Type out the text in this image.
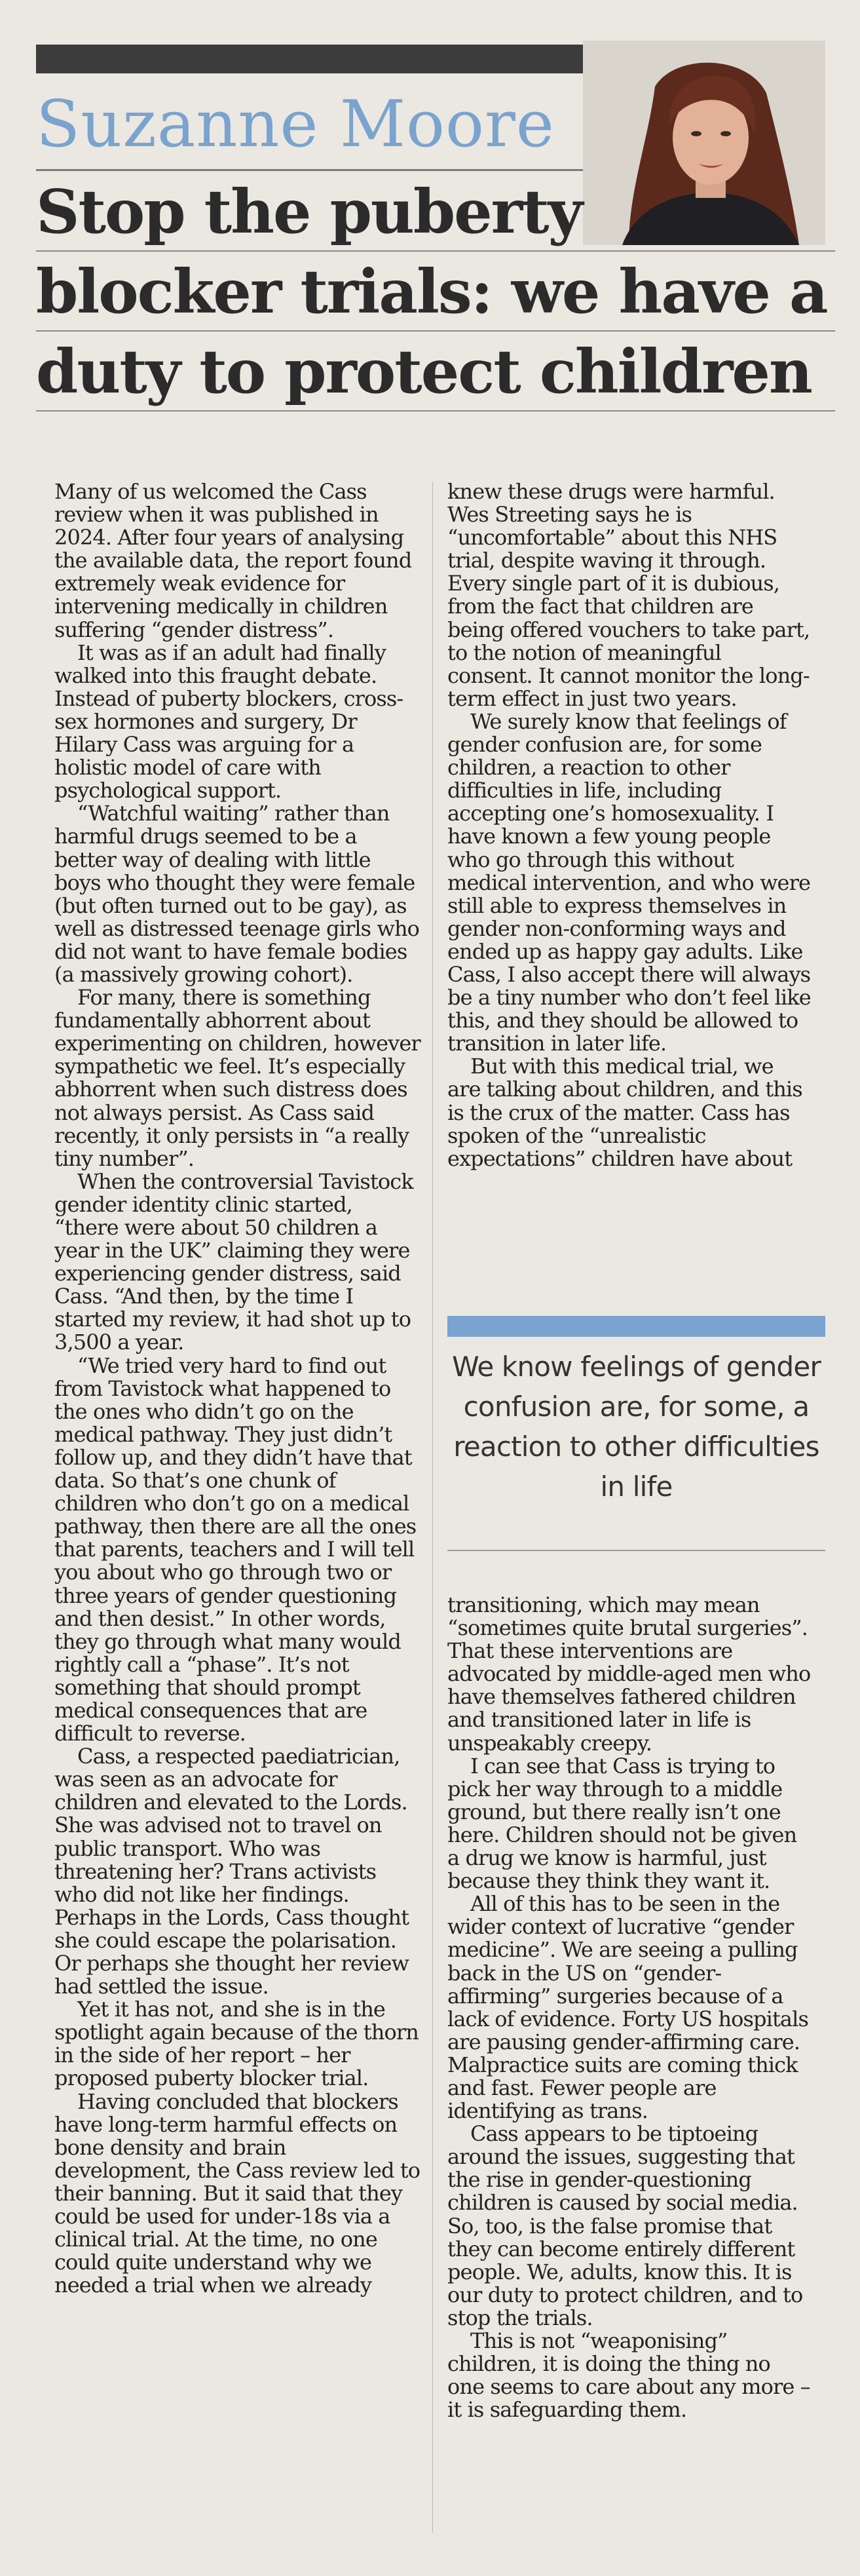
Suzanne Moore
Stop the puberty
blocker trials: we have a
duty to protect children

Many of us welcomed the Cass review when it was published in 2024. After four years of analysing the available data, the report found extremely weak evidence for intervening medically in children suffering “gender distress”.

It was as if an adult had finally walked into this fraught debate. Instead of puberty blockers, cross-sex hormones and surgery, Dr Hilary Cass was arguing for a holistic model of care with psychological support.

“Watchful waiting” rather than harmful drugs seemed to be a better way of dealing with little boys who thought they were female (but often turned out to be gay), as well as distressed teenage girls who did not want to have female bodies (a massively growing cohort).

For many, there is something fundamentally abhorrent about experimenting on children, however sympathetic we feel. It’s especially abhorrent when such distress does not always persist. As Cass said recently, it only persists in “a really tiny number”.

When the controversial Tavistock gender identity clinic started, “there were about 50 children a year in the UK” claiming they were experiencing gender distress, said Cass. “And then, by the time I started my review, it had shot up to 3,500 a year.

“We tried very hard to find out from Tavistock what happened to the ones who didn’t go on the medical pathway. They just didn’t follow up, and they didn’t have that data. So that’s one chunk of children who don’t go on a medical pathway, then there are all the ones that parents, teachers and I will tell you about who go through two or three years of gender questioning and then desist.” In other words, they go through what many would rightly call a “phase”. It’s not something that should prompt medical consequences that are difficult to reverse.

Cass, a respected paediatrician, was seen as an advocate for children and elevated to the Lords. She was advised not to travel on public transport. Who was threatening her? Trans activists who did not like her findings. Perhaps in the Lords, Cass thought she could escape the polarisation. Or perhaps she thought her review had settled the issue.

Yet it has not, and she is in the spotlight again because of the thorn in the side of her report – her proposed puberty blocker trial.

Having concluded that blockers have long-term harmful effects on bone density and brain development, the Cass review led to their banning. But it said that they could be used for under-18s via a clinical trial. At the time, no one could quite understand why we needed a trial when we already

knew these drugs were harmful. Wes Streeting says he is “uncomfortable” about this NHS trial, despite waving it through. Every single part of it is dubious, from the fact that children are being offered vouchers to take part, to the notion of meaningful consent. It cannot monitor the long-term effect in just two years.

We surely know that feelings of gender confusion are, for some children, a reaction to other difficulties in life, including accepting one’s homosexuality. I have known a few young people who go through this without medical intervention, and who were still able to express themselves in gender non-conforming ways and ended up as happy gay adults. Like Cass, I also accept there will always be a tiny number who don’t feel like this, and they should be allowed to transition in later life.

But with this medical trial, we are talking about children, and this is the crux of the matter. Cass has spoken of the “unrealistic expectations” children have about

We know feelings of gender confusion are, for some, a reaction to other difficulties in life

transitioning, which may mean “sometimes quite brutal surgeries”. That these interventions are advocated by middle-aged men who have themselves fathered children and transitioned later in life is unspeakably creepy.

I can see that Cass is trying to pick her way through to a middle ground, but there really isn’t one here. Children should not be given a drug we know is harmful, just because they think they want it.

All of this has to be seen in the wider context of lucrative “gender medicine”. We are seeing a pulling back in the US on “gender-affirming” surgeries because of a lack of evidence. Forty US hospitals are pausing gender-affirming care. Malpractice suits are coming thick and fast. Fewer people are identifying as trans.

Cass appears to be tiptoeing around the issues, suggesting that the rise in gender-questioning children is caused by social media. So, too, is the false promise that they can become entirely different people. We, adults, know this. It is our duty to protect children, and to stop the trials.

This is not “weaponising” children, it is doing the thing no one seems to care about any more – it is safeguarding them.
